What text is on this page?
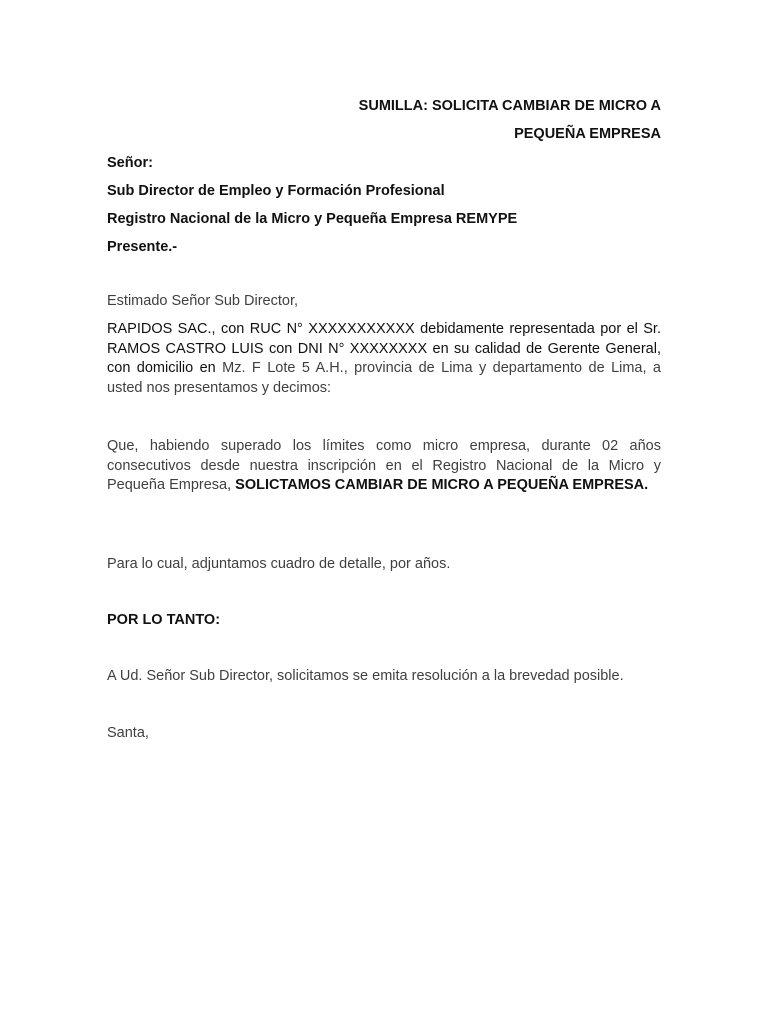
SUMILLA: SOLICITA CAMBIAR DE MICRO A

PEQUEÑA EMPRESA

Señor:

Sub Director de Empleo y Formación Profesional

Registro Nacional de la Micro y Pequeña Empresa REMYPE

Presente.-

Estimado Señor Sub Director,

RAPIDOS SAC., con RUC N° XXXXXXXXXXX debidamente representada por el Sr. RAMOS CASTRO LUIS con DNI N° XXXXXXXX en su calidad de Gerente General, con domicilio en Mz. F Lote 5 A.H., provincia de Lima y departamento de Lima, a usted nos presentamos y decimos:

Que, habiendo superado los límites como micro empresa, durante 02 años consecutivos desde nuestra inscripción en el Registro Nacional de la Micro y Pequeña Empresa, SOLICTAMOS CAMBIAR DE MICRO A PEQUEÑA EMPRESA.

Para lo cual, adjuntamos cuadro de detalle, por años.

POR LO TANTO:

A Ud. Señor Sub Director, solicitamos se emita resolución a la brevedad posible.

Santa,
